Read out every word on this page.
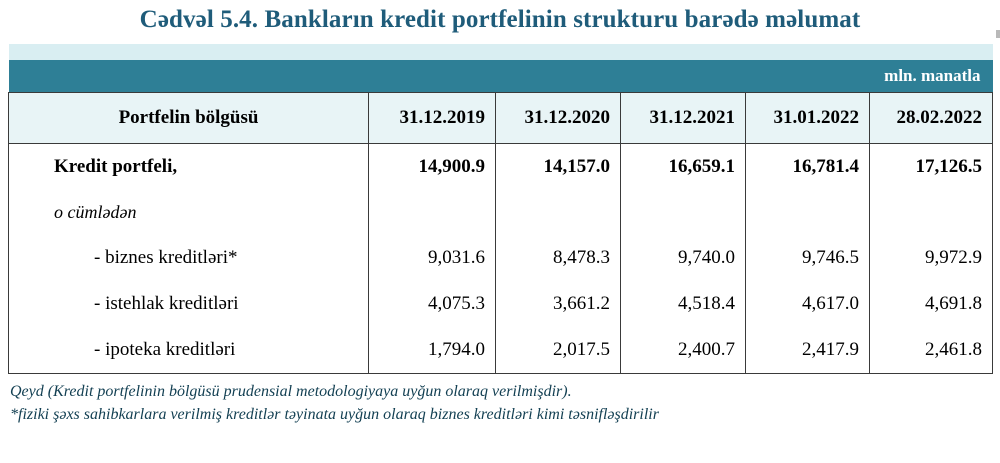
Cədvəl 5.4. Bankların kredit portfelinin strukturu barədə məlumat

mln. manatla					
Portfelin bölgüsü	31.12.2019	31.12.2020	31.12.2021	31.01.2022	28.02.2022
Kredit portfeli,	14,900.9	14,157.0	16,659.1	16,781.4	17,126.5
o cümlədən					
- biznes kreditləri*	9,031.6	8,478.3	9,740.0	9,746.5	9,972.9
- istehlak kreditləri	4,075.3	3,661.2	4,518.4	4,617.0	4,691.8
- ipoteka kreditləri	1,794.0	2,017.5	2,400.7	2,417.9	2,461.8
Qeyd (Kredit portfelinin bölgüsü prudensial metodologiyaya uyğun olaraq verilmişdir).
*fiziki şəxs sahibkarlara verilmiş kreditlər təyinata uyğun olaraq biznes kreditləri kimi təsnifləşdirilir
